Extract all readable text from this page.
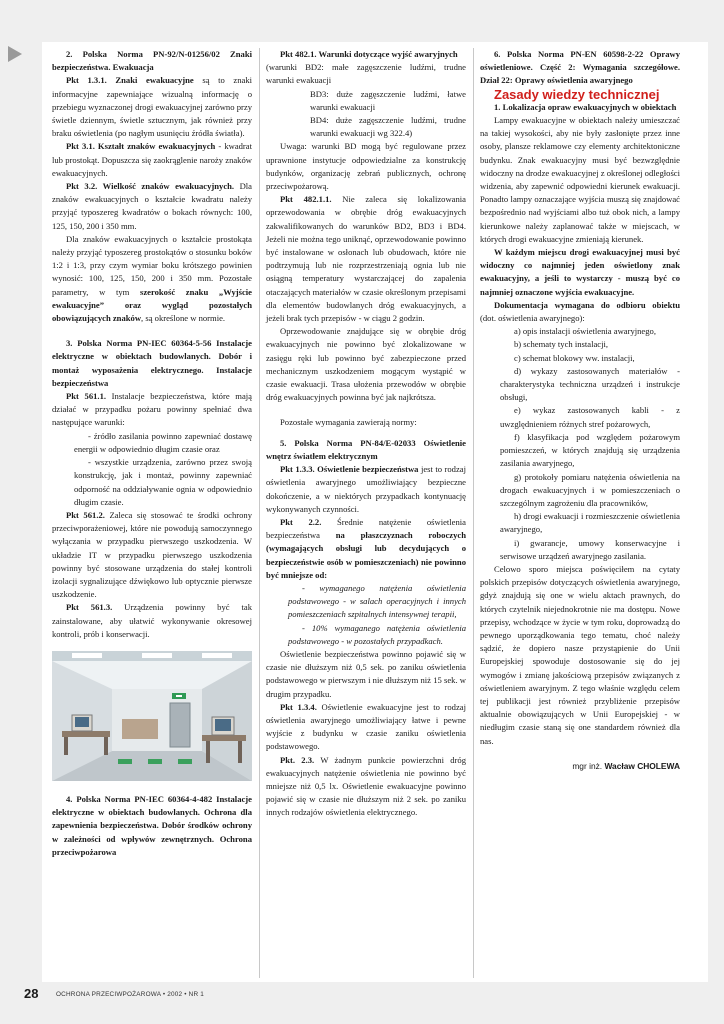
2. Polska Norma PN-92/N-01256/02 Znaki bezpieczeństwa. Ewakuacja

Pkt 1.3.1. Znaki ewakuacyjne są to znaki informacyjne zapewniające wizualną informację o przebiegu wyznaczonej drogi ewakuacyjnej zarówno przy świetle dziennym, świetle sztucznym, jak również przy braku oświetlenia (po nagłym usunięciu źródła światła).

Pkt 3.1. Kształt znaków ewakuacyjnych - kwadrat lub prostokąt. Dopuszcza się zaokrąglenie naroży znaków ewakuacyjnych.

Pkt 3.2. Wielkość znaków ewakuacyjnych. Dla znaków ewakuacyjnych o kształcie kwadratu należy przyjąć typoszereg kwadratów o bokach równych: 100, 125, 150, 200 i 350 mm.

Dla znaków ewakuacyjnych o kształcie prostokąta należy przyjąć typoszereg prostokątów o stosunku boków 1:2 i 1:3, przy czym wymiar boku krótszego powinien wynosić: 100, 125, 150, 200 i 350 mm. Pozostałe parametry, w tym szerokość znaku „Wyjście ewakuacyjne” oraz wygląd pozostałych obowiązujących znaków, są określone w normie.

3. Polska Norma PN-IEC 60364-5-56 Instalacje elektryczne w obiektach budowlanych. Dobór i montaż wyposażenia elektrycznego. Instalacje bezpieczeństwa

Pkt 561.1. Instalacje bezpieczeństwa, które mają działać w przypadku pożaru powinny spełniać dwa następujące warunki:

- źródło zasilania powinno zapewniać dostawę energii w odpowiednio długim czasie oraz

- wszystkie urządzenia, zarówno przez swoją konstrukcję, jak i montaż, powinny zapewniać odporność na oddziaływanie ognia w odpowiednio długim czasie.

Pkt 561.2. Zaleca się stosować te środki ochrony przeciwporażeniowej, które nie powodują samoczynnego wyłączania w przypadku pierwszego uszkodzenia. W układzie IT w przypadku pierwszego uszkodzenia powinny być stosowane urządzenia do stałej kontroli izolacji sygnalizujące dźwiękowo lub optycznie pierwsze uszkodzenie.

Pkt 561.3. Urządzenia powinny być tak zainstalowane, aby ułatwić wykonywanie okresowej kontroli, prób i konserwacji.

4. Polska Norma PN-IEC 60364-4-482 Instalacje elektryczne w obiektach budowlanych. Ochrona dla zapewnienia bezpieczeństwa. Dobór środków ochrony w zależności od wpływów zewnętrznych. Ochrona przeciwpożarowa

Pkt 482.1. Warunki dotyczące wyjść awaryjnych

(warunki BD2: małe zagęszczenie ludźmi, trudne warunki ewakuacji

BD3: duże zagęszczenie ludźmi, łatwe warunki ewakuacji

BD4: duże zagęszczenie ludźmi, trudne warunki ewakuacji wg 322.4)

Uwaga: warunki BD mogą być regulowane przez uprawnione instytucje odpowiedzialne za konstrukcję budynków, organizację zebrań publicznych, ochronę przeciwpożarową.

Pkt 482.1.1. Nie zaleca się lokalizowania oprzewodowania w obrębie dróg ewakuacyjnych zakwalifikowanych do warunków BD2, BD3 i BD4. Jeżeli nie można tego uniknąć, oprzewodowanie powinno być instalowane w osłonach lub obudowach, które nie podtrzymują lub nie rozprzestrzeniają ognia lub nie osiągną temperatury wystarczającej do zapalenia otaczających materiałów w czasie określonym przepisami dla elementów budowlanych dróg ewakuacyjnych, a jeżeli brak tych przepisów - w ciągu 2 godzin.

Oprzewodowanie znajdujące się w obrębie dróg ewakuacyjnych nie powinno być zlokalizowane w zasięgu ręki lub powinno być zabezpieczone przed mechanicznym uszkodzeniem mogącym wystąpić w czasie ewakuacji. Trasa ułożenia przewodów w obrębie dróg ewakuacyjnych powinna być jak najkrótsza.

Pozostałe wymagania zawierają normy:

5. Polska Norma PN-84/E-02033 Oświetlenie wnętrz światłem elektrycznym

Pkt 1.3.3. Oświetlenie bezpieczeństwa jest to rodzaj oświetlenia awaryjnego umożliwiający bezpieczne dokończenie, a w niektórych przypadkach kontynuację wykonywanych czynności.

Pkt 2.2. Średnie natężenie oświetlenia bezpieczeństwa na płaszczyznach roboczych (wymagających obsługi lub decydujących o bezpieczeństwie osób w pomieszczeniach) nie powinno być mniejsze od:

- wymaganego natężenia oświetlenia podstawowego - w salach operacyjnych i innych pomieszczeniach szpitalnych intensywnej terapii,

- 10% wymaganego natężenia oświetlenia podstawowego - w pozostałych przypadkach.

Oświetlenie bezpieczeństwa powinno pojawić się w czasie nie dłuższym niż 0,5 sek. po zaniku oświetlenia podstawowego w pierwszym i nie dłuższym niż 15 sek. w drugim przypadku.

Pkt 1.3.4. Oświetlenie ewakuacyjne jest to rodzaj oświetlenia awaryjnego umożliwiający łatwe i pewne wyjście z budynku w czasie zaniku oświetlenia podstawowego.

Pkt. 2.3. W żadnym punkcie powierzchni dróg ewakuacyjnych natężenie oświetlenia nie powinno być mniejsze niż 0,5 lx. Oświetlenie ewakuacyjne powinno pojawić się w czasie nie dłuższym niż 2 sek. po zaniku innych rodzajów oświetlenia elektrycznego.

6. Polska Norma PN-EN 60598-2-22 Oprawy oświetleniowe. Część 2: Wymagania szczegółowe. Dział 22: Oprawy oświetlenia awaryjnego

Zasady wiedzy technicznej

1. Lokalizacja opraw ewakuacyjnych w obiektach

Lampy ewakuacyjne w obiektach należy umieszczać na takiej wysokości, aby nie były zasłonięte przez inne osoby, plansze reklamowe czy elementy architektoniczne budynku. Znak ewakuacyjny musi być bezwzględnie widoczny na drodze ewakuacyjnej z określonej odległości widzenia, aby zapewnić odpowiedni kierunek ewakuacji. Ponadto lampy oznaczające wyjścia muszą się znajdować bezpośrednio nad wyjściami albo tuż obok nich, a lampy kierunkowe należy zaplanować także w miejscach, w których drogi ewakuacyjne zmieniają kierunek.

W każdym miejscu drogi ewakuacyjnej musi być widoczny co najmniej jeden oświetlony znak ewakuacyjny, a jeśli to wystarczy - muszą być co najmniej oznaczone wyjścia ewakuacyjne.

Dokumentacja wymagana do odbioru obiektu (dot. oświetlenia awaryjnego):

a) opis instalacji oświetlenia awaryjnego,

b) schematy tych instalacji,

c) schemat blokowy ww. instalacji,

d) wykazy zastosowanych materiałów - charakterystyka techniczna urządzeń i instrukcje obsługi,

e) wykaz zastosowanych kabli - z uwzględnieniem różnych stref pożarowych,

f) klasyfikacja pod względem pożarowym pomieszczeń, w których znajdują się urządzenia zasilania awaryjnego,

g) protokoły pomiaru natężenia oświetlenia na drogach ewakuacyjnych i w pomieszczeniach o szczególnym zagrożeniu dla pracowników,

h) drogi ewakuacji i rozmieszczenie oświetlenia awaryjnego,

i) gwarancje, umowy konserwacyjne i serwisowe urządzeń awaryjnego zasilania.

Celowo sporo miejsca poświęciłem na cytaty polskich przepisów dotyczących oświetlenia awaryjnego, gdyż znajdują się one w wielu aktach prawnych, do których czytelnik niejednokrotnie nie ma dostępu. Nowe przepisy, wchodzące w życie w tym roku, doprowadzą do pewnego uporządkowania tego tematu, choć należy sądzić, że dopiero nasze przystąpienie do Unii Europejskiej spowoduje dostosowanie się do jej wymogów i zmianę jakościową przepisów związanych z oświetleniem awaryjnym. Z tego właśnie względu celem tej publikacji jest również przybliżenie przepisów aktualnie obowiązujących w Unii Europejskiej - w niedługim czasie staną się one standardem również dla nas.

mgr inż. Wacław CHOLEWA
28	OCHRONA PRZECIWPOŻAROWA • 2002 • NR 1
